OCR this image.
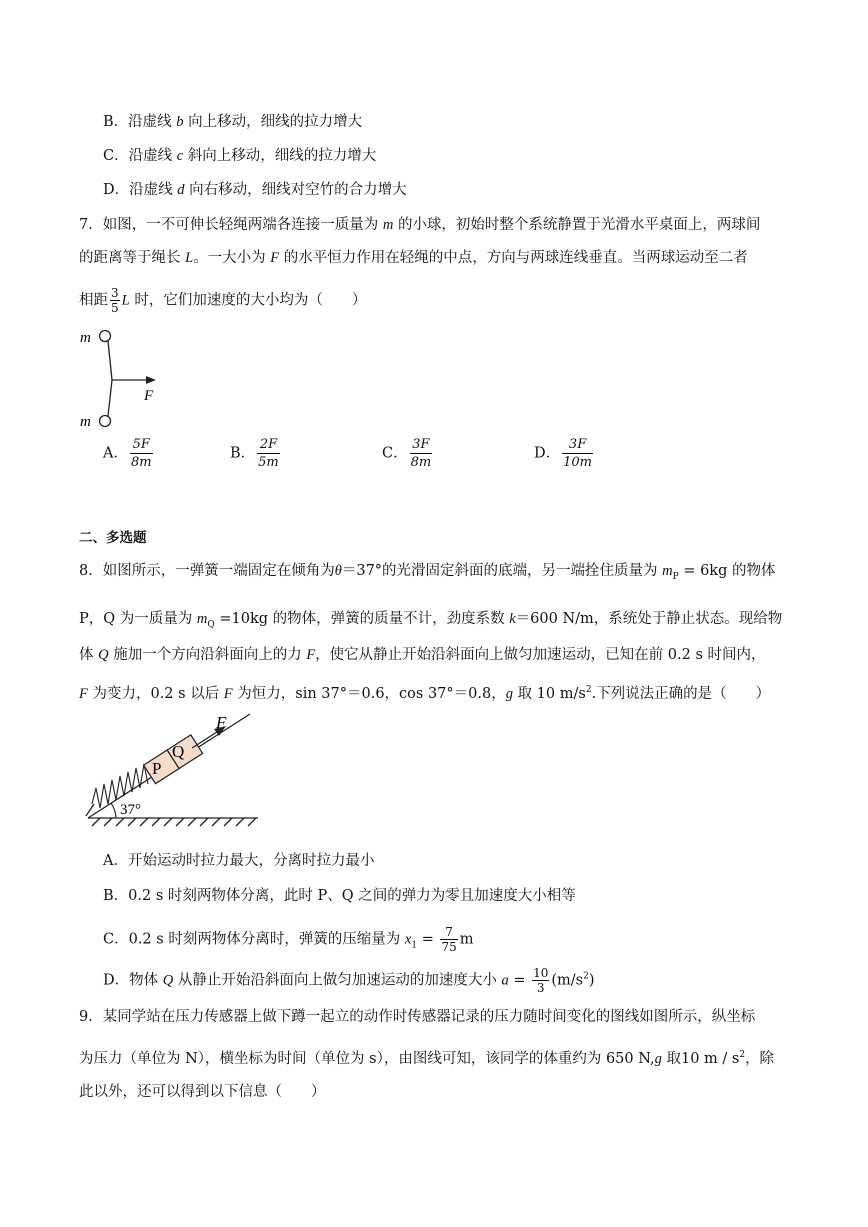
B．沿虚线 b 向上移动，细线的拉力增大
C．沿虚线 c 斜向上移动，细线的拉力增大
D．沿虚线 d 向右移动，细线对空竹的合力增大
7．如图，一不可伸长轻绳两端各连接一质量为 m 的小球，初始时整个系统静置于光滑水平桌面上，两球间
的距离等于绳长 L。一大小为 F 的水平恒力作用在轻绳的中点，方向与两球连线垂直。当两球运动至二者
相距 $\frac{3}{5}$ L 时，它们加速度的大小均为（　　）
m
m
F
A． $\frac{5F}{8m}$	B． $\frac{2F}{5m}$	C． $\frac{3F}{8m}$	D． $\frac{3F}{10m}$
二、多选题
8．如图所示，一弹簧一端固定在倾角为θ＝37°的光滑固定斜面的底端，另一端拴住质量为 $m_P = 6kg$ 的物体
P，Q 为一质量为 $m_Q =10kg$ 的物体，弹簧的质量不计，劲度系数 k＝600 N/m，系统处于静止状态。现给物
体 Q 施加一个方向沿斜面向上的力 F，使它从静止开始沿斜面向上做匀加速运动，已知在前 0.2 s 时间内，
F 为变力，0.2 s 以后 F 为恒力，sin 37°＝0.6，cos 37°＝0.8，g 取 10 $m/s^2$.下列说法正确的是（　　）
P
Q
F
37°
A．开始运动时拉力最大，分离时拉力最小
B．0.2 s 时刻两物体分离，此时 P、Q 之间的弹力为零且加速度大小相等
C．0.2 s 时刻两物体分离时，弹簧的压缩量为 $x_1 = \frac{7}{75}$ m
D．物体 Q 从静止开始沿斜面向上做匀加速运动的加速度大小 $a = \frac{10}{3} (m/s^2)$
9．某同学站在压力传感器上做下蹲一起立的动作时传感器记录的压力随时间变化的图线如图所示，纵坐标
为压力（单位为 N），横坐标为时间（单位为 s），由图线可知，该同学的体重约为 650 N,g 取10 m / $s^2$，除
此以外，还可以得到以下信息（　　）
